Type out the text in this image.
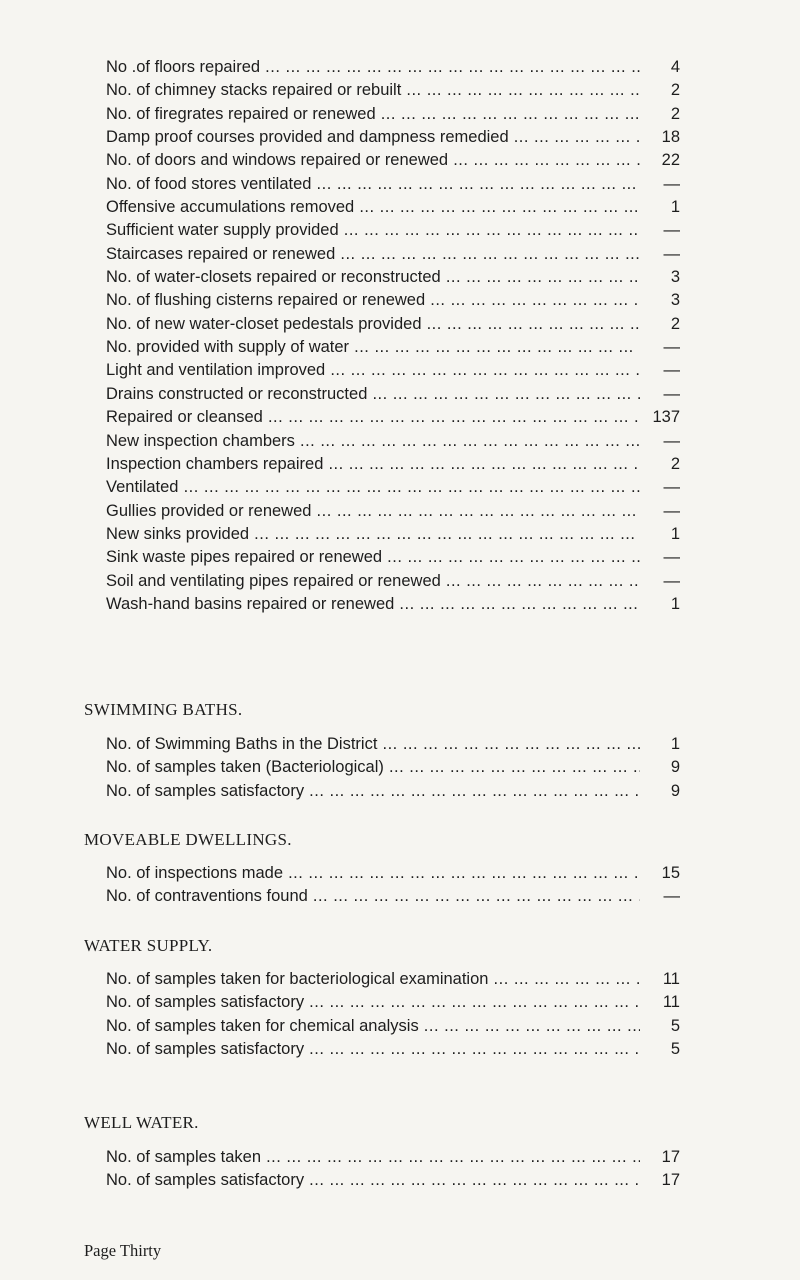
No .of floors repaired ... .	4
No. of chimney stacks repaired or rebuilt ... .	2
No. of firegrates repaired or renewed ... .	2
Damp proof courses provided and dampness remedied ... .	18
No. of doors and windows repaired or renewed ... .	22
No. of food stores ventilated ... .	—
Offensive accumulations removed ... .	1
Sufficient water supply provided ... .	—
Staircases repaired or renewed ... .	—
No. of water-closets repaired or reconstructed ... .	3
No. of flushing cisterns repaired or renewed ... .	3
No. of new water-closet pedestals provided ... .	2
No. provided with supply of water ... .	—
Light and ventilation improved ... .	—
Drains constructed or reconstructed ... .	—
Repaired or cleansed ... .	137
New inspection chambers ... .	—
Inspection chambers repaired ... .	2
Ventilated ... .	—
Gullies provided or renewed ... .	—
New sinks provided ... .	1
Sink waste pipes repaired or renewed ... .	—
Soil and ventilating pipes repaired or renewed ... .	—
Wash-hand basins repaired or renewed ... .	1
SWIMMING BATHS.
No. of Swimming Baths in the District ... .	1
No. of samples taken (Bacteriological) ... .	9
No. of samples satisfactory ... .	9
MOVEABLE DWELLINGS.
No. of inspections made ... .	15
No. of contraventions found ... .	—
WATER SUPPLY.
No. of samples taken for bacteriological examination ... .	11
No. of samples satisfactory ... .	11
No. of samples taken for chemical analysis ... .	5
No. of samples satisfactory ... .	5
WELL WATER.
No. of samples taken ... .	17
No. of samples satisfactory ... .	17
Page Thirty
